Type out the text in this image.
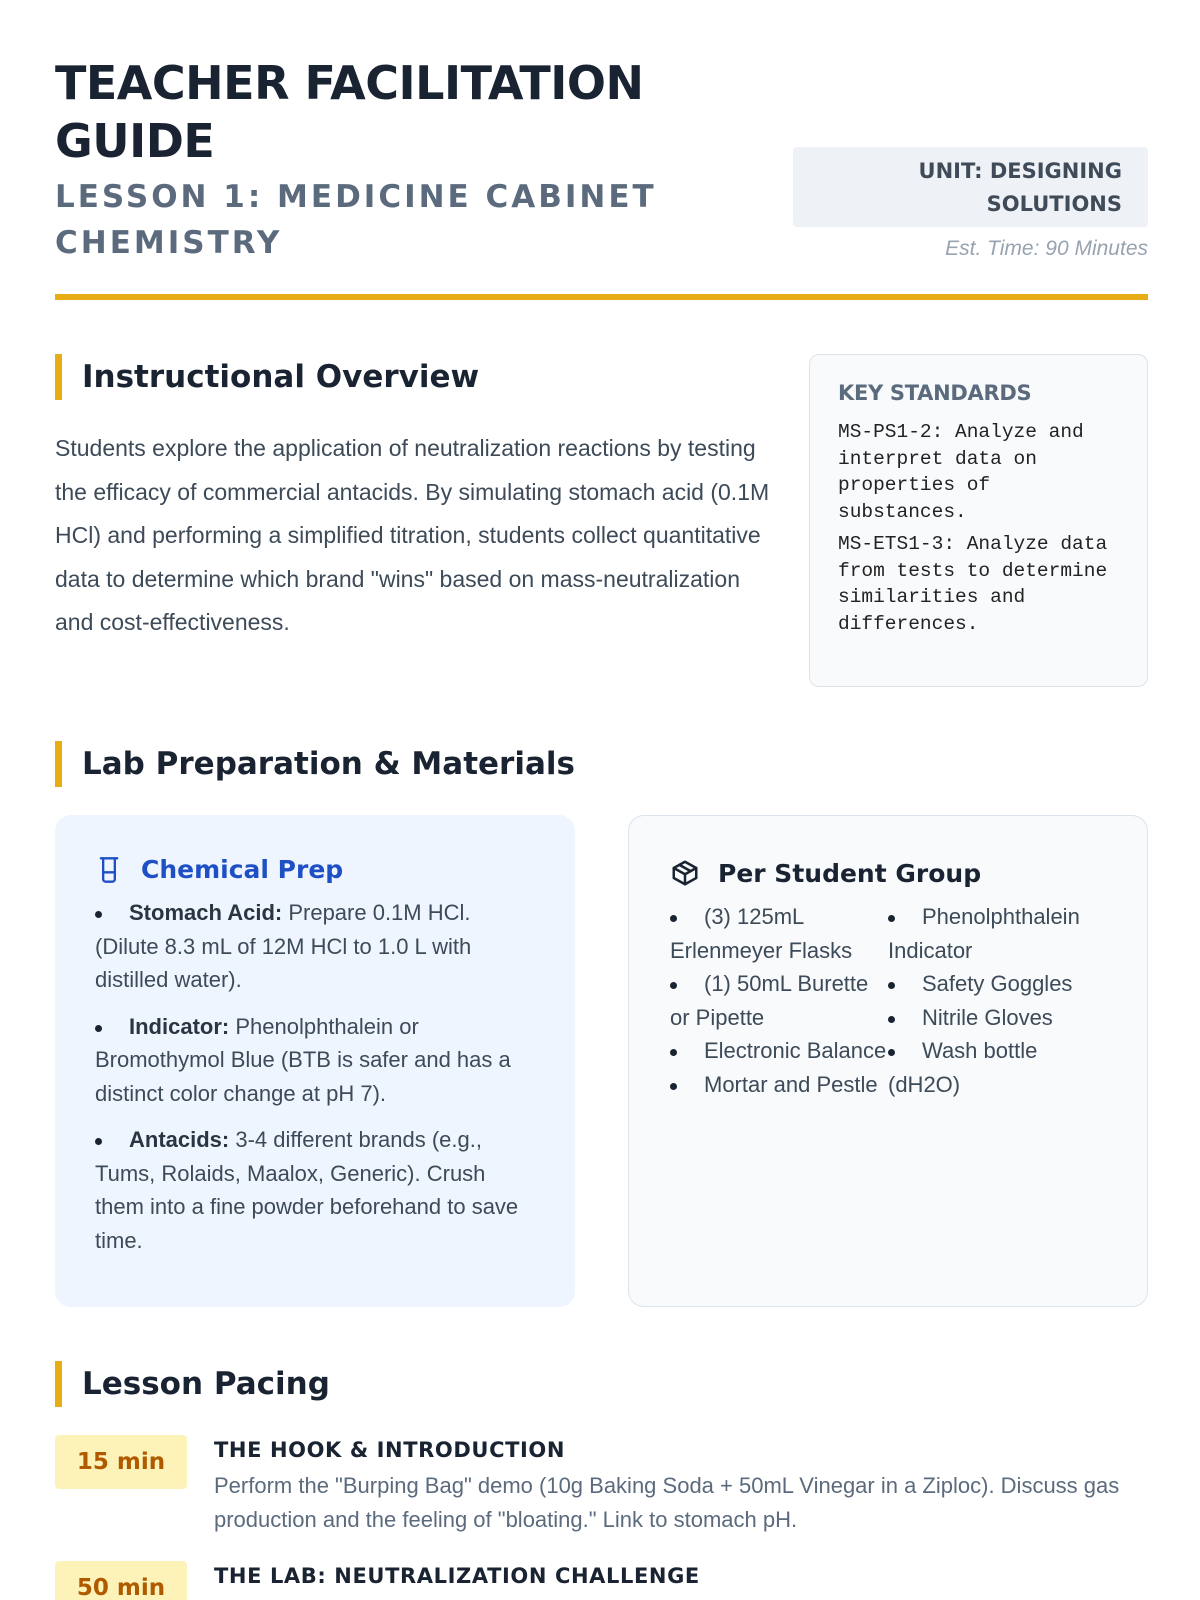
TEACHER FACILITATION GUIDE
LESSON 1: MEDICINE CABINET CHEMISTRY
UNIT: DESIGNING SOLUTIONS
Est. Time: 90 Minutes
Instructional Overview

Students explore the application of neutralization reactions by testing the efficacy of commercial antacids. By simulating stomach acid (0.1M HCl) and performing a simplified titration, students collect quantitative data to determine which brand "wins" based on mass-neutralization and cost-effectiveness.

KEY STANDARDS
MS-PS1-2: Analyze and interpret data on properties of substances.
MS-ETS1-3: Analyze data from tests to determine similarities and differences.
Lab Preparation & Materials
Chemical Prep
Stomach Acid: Prepare 0.1M HCl. (Dilute 8.3 mL of 12M HCl to 1.0 L with distilled water).
Indicator: Phenolphthalein or Bromothymol Blue (BTB is safer and has a distinct color change at pH 7).
Antacids: 3-4 different brands (e.g., Tums, Rolaids, Maalox, Generic). Crush them into a fine powder beforehand to save time.
Per Student Group
(3) 125mL Erlenmeyer Flasks
(1) 50mL Burette or Pipette
Electronic Balance
Mortar and Pestle
Phenolphthalein Indicator
Safety Goggles
Nitrile Gloves
Wash bottle (dH2O)
Lesson Pacing
15 min	THE HOOK & INTRODUCTION
Perform the "Burping Bag" demo (10g Baking Soda + 50mL Vinegar in a Ziploc). Discuss gas production and the feeling of "bloating." Link to stomach pH.
50 min	THE LAB: NEUTRALIZATION CHALLENGE
